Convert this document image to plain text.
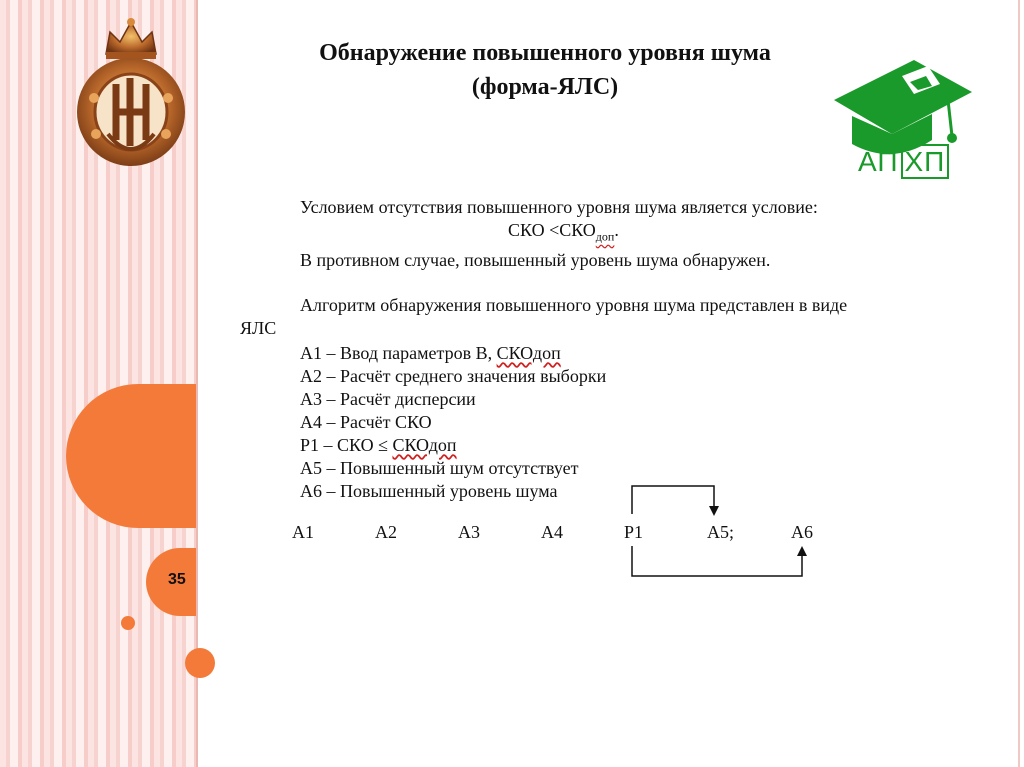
35
Обнаружение повышенного уровня шума
(форма-ЯЛС)
АП ХП
Условием отсутствия повышенного уровня шума является условие:
СКО $<СКО_{доп}$.
В противном случае, повышенный уровень шума обнаружен.
Алгоритм обнаружения повышенного уровня шума представлен в виде
ЯЛС
А1 – Ввод параметров В, СКОдоп
А2 – Расчёт среднего значения выборки
А3 – Расчёт дисперсии
А4 – Расчёт СКО
Р1 – СКО ≤ СКОдоп
А5 – Повышенный шум отсутствует
А6 – Повышенный уровень шума
А1	А2	А3	А4	Р1	А5;	А6
